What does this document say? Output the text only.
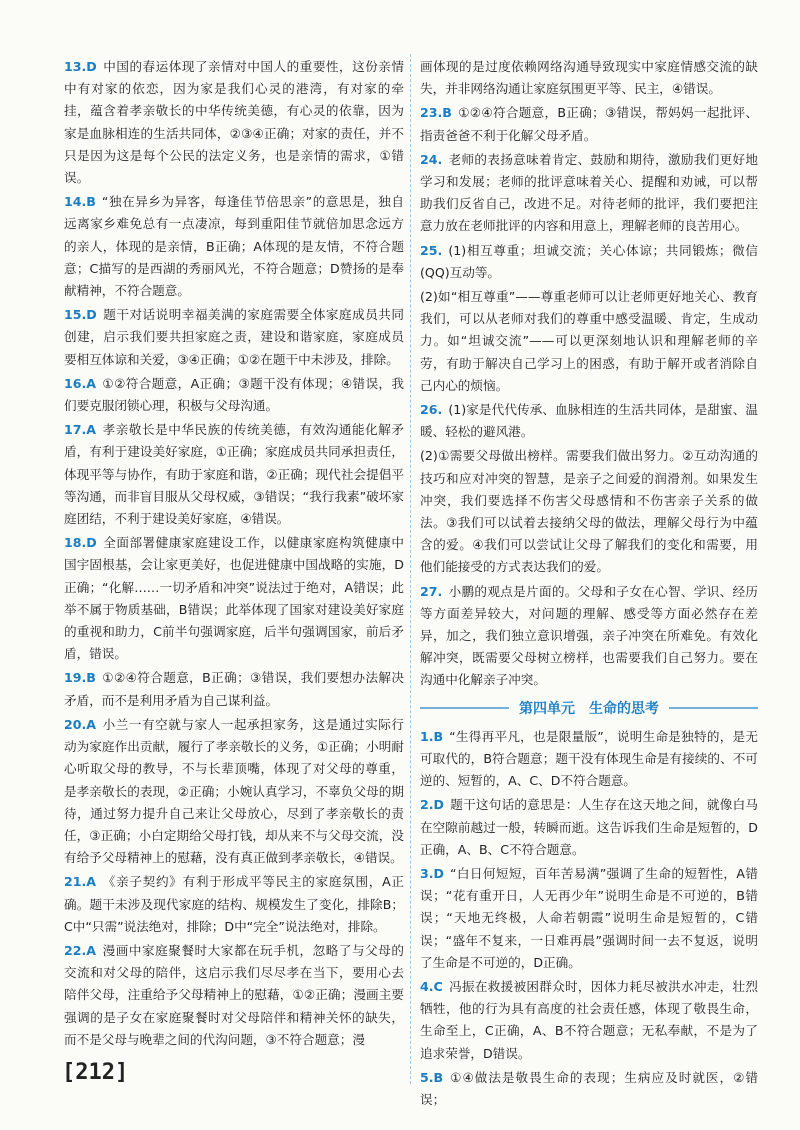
13.D 中国的春运体现了亲情对中国人的重要性，这份亲情中有对家的依恋，因为家是我们心灵的港湾，有对家的牵挂，蕴含着孝亲敬长的中华传统美德，有心灵的依靠，因为家是血脉相连的生活共同体，②③④正确；对家的责任，并不只是因为这是每个公民的法定义务，也是亲情的需求，①错误。

14.B “独在异乡为异客，每逢佳节倍思亲”的意思是，独自远离家乡难免总有一点凄凉，每到重阳佳节就倍加思念远方的亲人，体现的是亲情，B正确；A体现的是友情，不符合题意；C描写的是西湖的秀丽风光，不符合题意；D赞扬的是奉献精神，不符合题意。

15.D 题干对话说明幸福美满的家庭需要全体家庭成员共同创建，启示我们要共担家庭之责，建设和谐家庭，家庭成员要相互体谅和关爱，③④正确；①②在题干中未涉及，排除。

16.A ①②符合题意，A正确；③题干没有体现；④错误，我们要克服闭锁心理，积极与父母沟通。

17.A 孝亲敬长是中华民族的传统美德，有效沟通能化解矛盾，有利于建设美好家庭，①正确；家庭成员共同承担责任，体现平等与协作，有助于家庭和谐，②正确；现代社会提倡平等沟通，而非盲目服从父母权威，③错误；“我行我素”破坏家庭团结，不利于建设美好家庭，④错误。

18.D 全面部署健康家庭建设工作，以健康家庭构筑健康中国宇固根基，会让家更美好，也促进健康中国战略的实施，D正确；“化解……一切矛盾和冲突”说法过于绝对，A错误；此举不属于物质基础，B错误；此举体现了国家对建设美好家庭的重视和助力，C前半句强调家庭，后半句强调国家，前后矛盾，错误。

19.B ①②④符合题意，B正确；③错误，我们要想办法解决矛盾，而不是利用矛盾为自己谋利益。

20.A 小兰一有空就与家人一起承担家务，这是通过实际行动为家庭作出贡献，履行了孝亲敬长的义务，①正确；小明耐心听取父母的教导，不与长辈顶嘴，体现了对父母的尊重，是孝亲敬长的表现，②正确；小婉认真学习，不辜负父母的期待，通过努力提升自己来让父母放心，尽到了孝亲敬长的责任，③正确；小白定期给父母打钱，却从来不与父母交流，没有给予父母精神上的慰藉，没有真正做到孝亲敬长，④错误。

21.A 《亲子契约》有利于形成平等民主的家庭氛围，A正确。题干未涉及现代家庭的结构、规模发生了变化，排除B；C中“只需”说法绝对，排除；D中“完全”说法绝对，排除。

22.A 漫画中家庭聚餐时大家都在玩手机，忽略了与父母的交流和对父母的陪伴，这启示我们尽尽孝在当下，要用心去陪伴父母，注重给予父母精神上的慰藉，①②正确；漫画主要强调的是子女在家庭聚餐时对父母陪伴和精神关怀的缺失，而不是父母与晚辈之间的代沟问题，③不符合题意；漫

画体现的是过度依赖网络沟通导致现实中家庭情感交流的缺失，并非网络沟通让家庭氛围更平等、民主，④错误。

23.B ①②④符合题意，B正确；③错误，帮妈妈一起批评、指责爸爸不利于化解父母矛盾。

24. 老师的表扬意味着肯定、鼓励和期待，激励我们更好地学习和发展；老师的批评意味着关心、提醒和劝诫，可以帮助我们反省自己，改进不足。对待老师的批评，我们要把注意力放在老师批评的内容和用意上，理解老师的良苦用心。

25. (1)相互尊重；坦诚交流；关心体谅；共同锻炼；微信(QQ)互动等。

(2)如“相互尊重”——尊重老师可以让老师更好地关心、教育我们，可以从老师对我们的尊重中感受温暖、肯定，生成动力。如“坦诚交流”——可以更深刻地认识和理解老师的辛劳，有助于解决自己学习上的困惑，有助于解开或者消除自己内心的烦恼。

26. (1)家是代代传承、血脉相连的生活共同体，是甜蜜、温暖、轻松的避风港。

(2)①需要父母做出榜样。需要我们做出努力。②互动沟通的技巧和应对冲突的智慧，是亲子之间爱的润滑剂。如果发生冲突，我们要选择不伤害父母感情和不伤害亲子关系的做法。③我们可以试着去接纳父母的做法，理解父母行为中蕴含的爱。④我们可以尝试让父母了解我们的变化和需要，用他们能接受的方式表达我们的爱。

27. 小鹏的观点是片面的。父母和子女在心智、学识、经历等方面差异较大，对问题的理解、感受等方面必然存在差异，加之，我们独立意识增强，亲子冲突在所难免。有效化解冲突，既需要父母树立榜样，也需要我们自己努力。要在沟通中化解亲子冲突。

第四单元　生命的思考

1.B “生得再平凡，也是限量版”，说明生命是独特的，是无可取代的，B符合题意；题干没有体现生命是有接续的、不可逆的、短暂的，A、C、D不符合题意。

2.D 题干这句话的意思是：人生存在这天地之间，就像白马在空隙前越过一般，转瞬而逝。这告诉我们生命是短暂的，D正确，A、B、C不符合题意。

3.D “白日何短短，百年苦易满”强调了生命的短暂性，A错误；“花有重开日，人无再少年”说明生命是不可逆的，B错误；“天地无终极，人命若朝霞”说明生命是短暂的，C错误；“盛年不复来，一日难再晨”强调时间一去不复返，说明了生命是不可逆的，D正确。

4.C 冯振在救援被困群众时，因体力耗尽被洪水冲走，壮烈牺牲，他的行为具有高度的社会责任感，体现了敬畏生命，生命至上，C正确，A、B不符合题意；无私奉献，不是为了追求荣誉，D错误。

5.B ①④做法是敬畏生命的表现；生病应及时就医，②错误；

[212]
